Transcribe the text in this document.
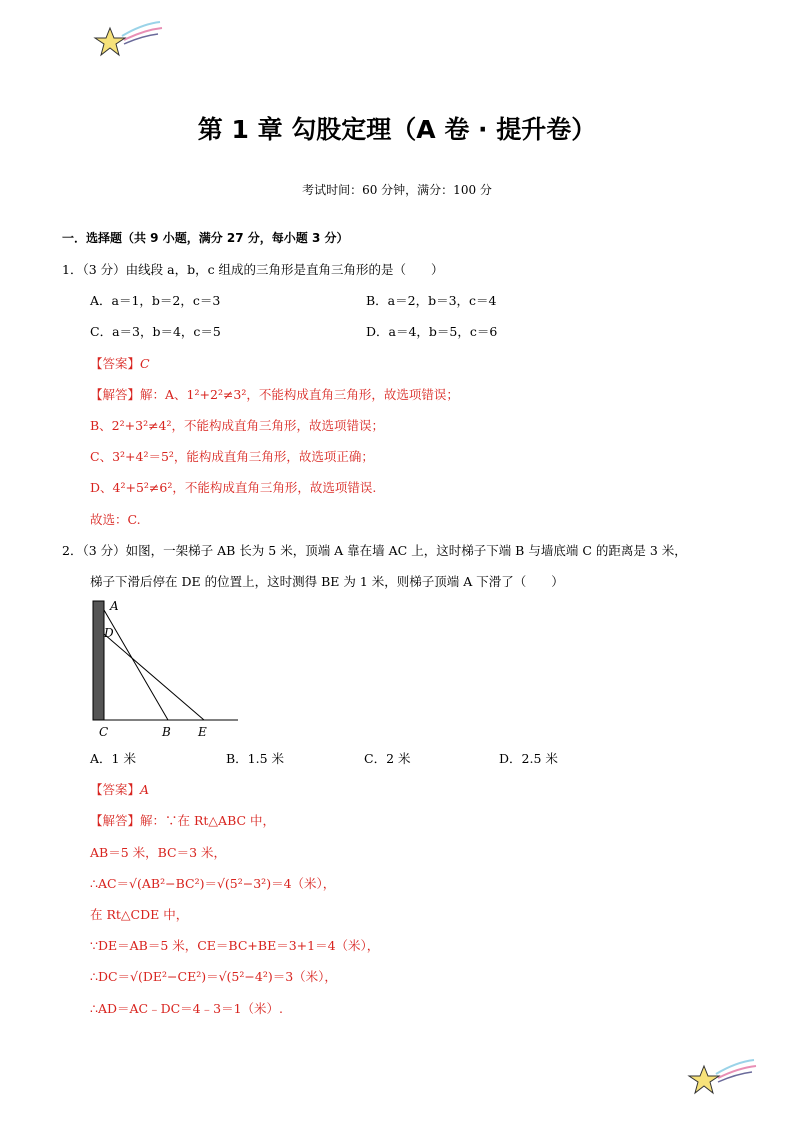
第 1 章 勾股定理（A 卷 · 提升卷）
考试时间：60 分钟，满分：100 分
一．选择题（共 9 小题，满分 27 分，每小题 3 分）
1．（3 分）由线段 a，b，c 组成的三角形是直角三角形的是（　　）
A．a＝1，b＝2，c＝3	B．a＝2，b＝3，c＝4
C．a＝3，b＝4，c＝5	D．a＝4，b＝5，c＝6
【答案】C
【解答】解：A、1²+2²≠3²，不能构成直角三角形，故选项错误；
B、2²+3²≠4²，不能构成直角三角形，故选项错误；
C、3²+4²＝5²，能构成直角三角形，故选项正确；
D、4²+5²≠6²，不能构成直角三角形，故选项错误.
故选：C.
2．（3 分）如图，一架梯子 AB 长为 5 米，顶端 A 靠在墙 AC 上，这时梯子下端 B 与墙底端 C 的距离是 3 米，
梯子下滑后停在 DE 的位置上，这时测得 BE 为 1 米，则梯子顶端 A 下滑了（　　）
A
D
C	B E
A．1 米	B．1.5 米	C．2 米	D．2.5 米
【答案】A
【解答】解：∵在 Rt△ABC 中，
AB＝5 米，BC＝3 米，
∴AC＝√(AB²−BC²)＝√(5²−3²)＝4（米），
在 Rt△CDE 中，
∵DE＝AB＝5 米，CE＝BC+BE＝3+1＝4（米），
∴DC＝√(DE²−CE²)＝√(5²−4²)＝3（米），
∴AD＝AC﹣DC＝4﹣3＝1（米）.
